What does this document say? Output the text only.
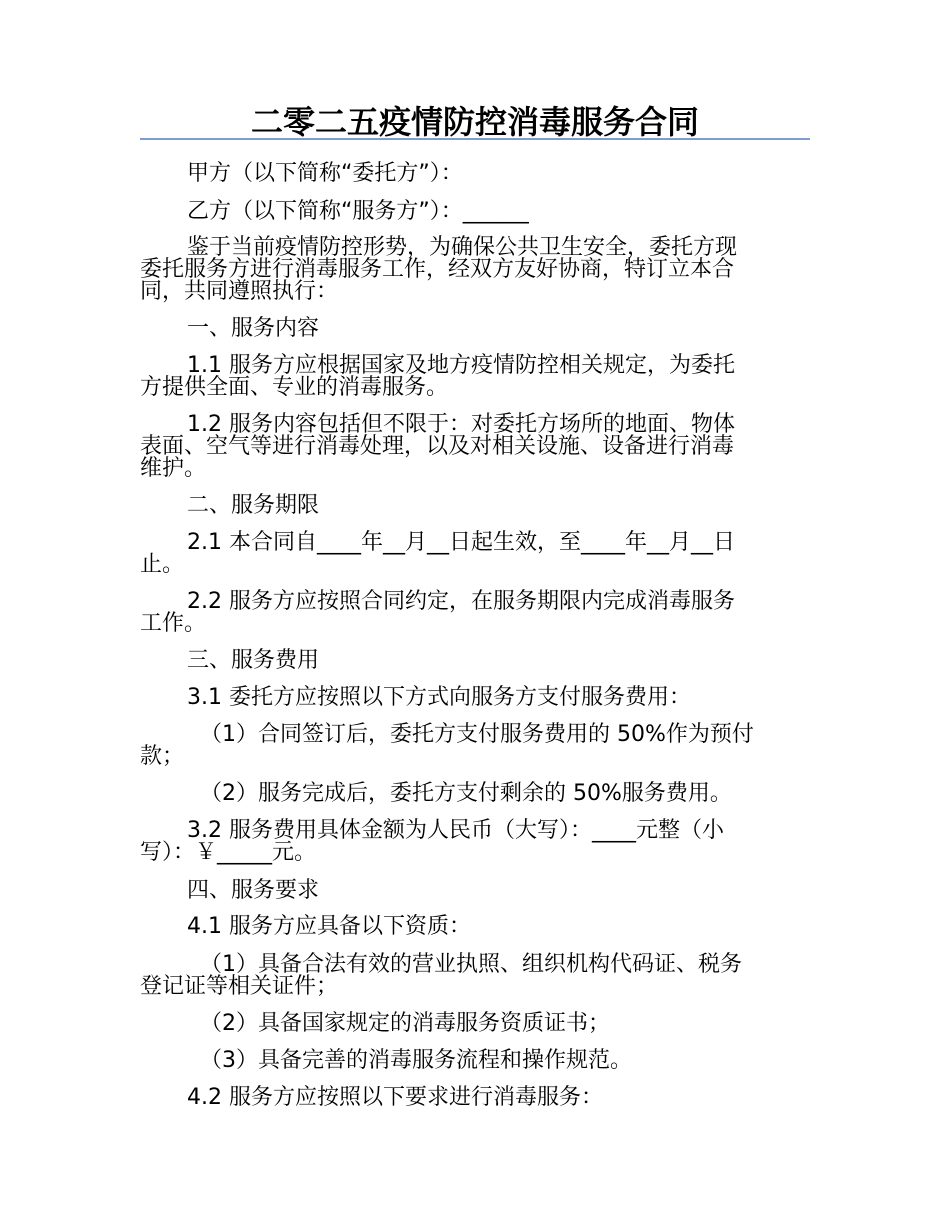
二零二五疫情防控消毒服务合同
甲方（以下简称“委托方”）：
乙方（以下简称“服务方”）：______
鉴于当前疫情防控形势，为确保公共卫生安全，委托方现
委托服务方进行消毒服务工作，经双方友好协商，特订立本合
同，共同遵照执行：
一、服务内容
1.1 服务方应根据国家及地方疫情防控相关规定，为委托
方提供全面、专业的消毒服务。
1.2 服务内容包括但不限于：对委托方场所的地面、物体
表面、空气等进行消毒处理，以及对相关设施、设备进行消毒
维护。
二、服务期限
2.1 本合同自____年__月__日起生效，至____年__月__日
止。
2.2 服务方应按照合同约定，在服务期限内完成消毒服务
工作。
三、服务费用
3.1 委托方应按照以下方式向服务方支付服务费用：
（1）合同签订后，委托方支付服务费用的 50%作为预付
款；
（2）服务完成后，委托方支付剩余的 50%服务费用。
3.2 服务费用具体金额为人民币（大写）：____元整（小
写）：￥_____元。
四、服务要求
4.1 服务方应具备以下资质：
（1）具备合法有效的营业执照、组织机构代码证、税务
登记证等相关证件；
（2）具备国家规定的消毒服务资质证书；
（3）具备完善的消毒服务流程和操作规范。
4.2 服务方应按照以下要求进行消毒服务：
